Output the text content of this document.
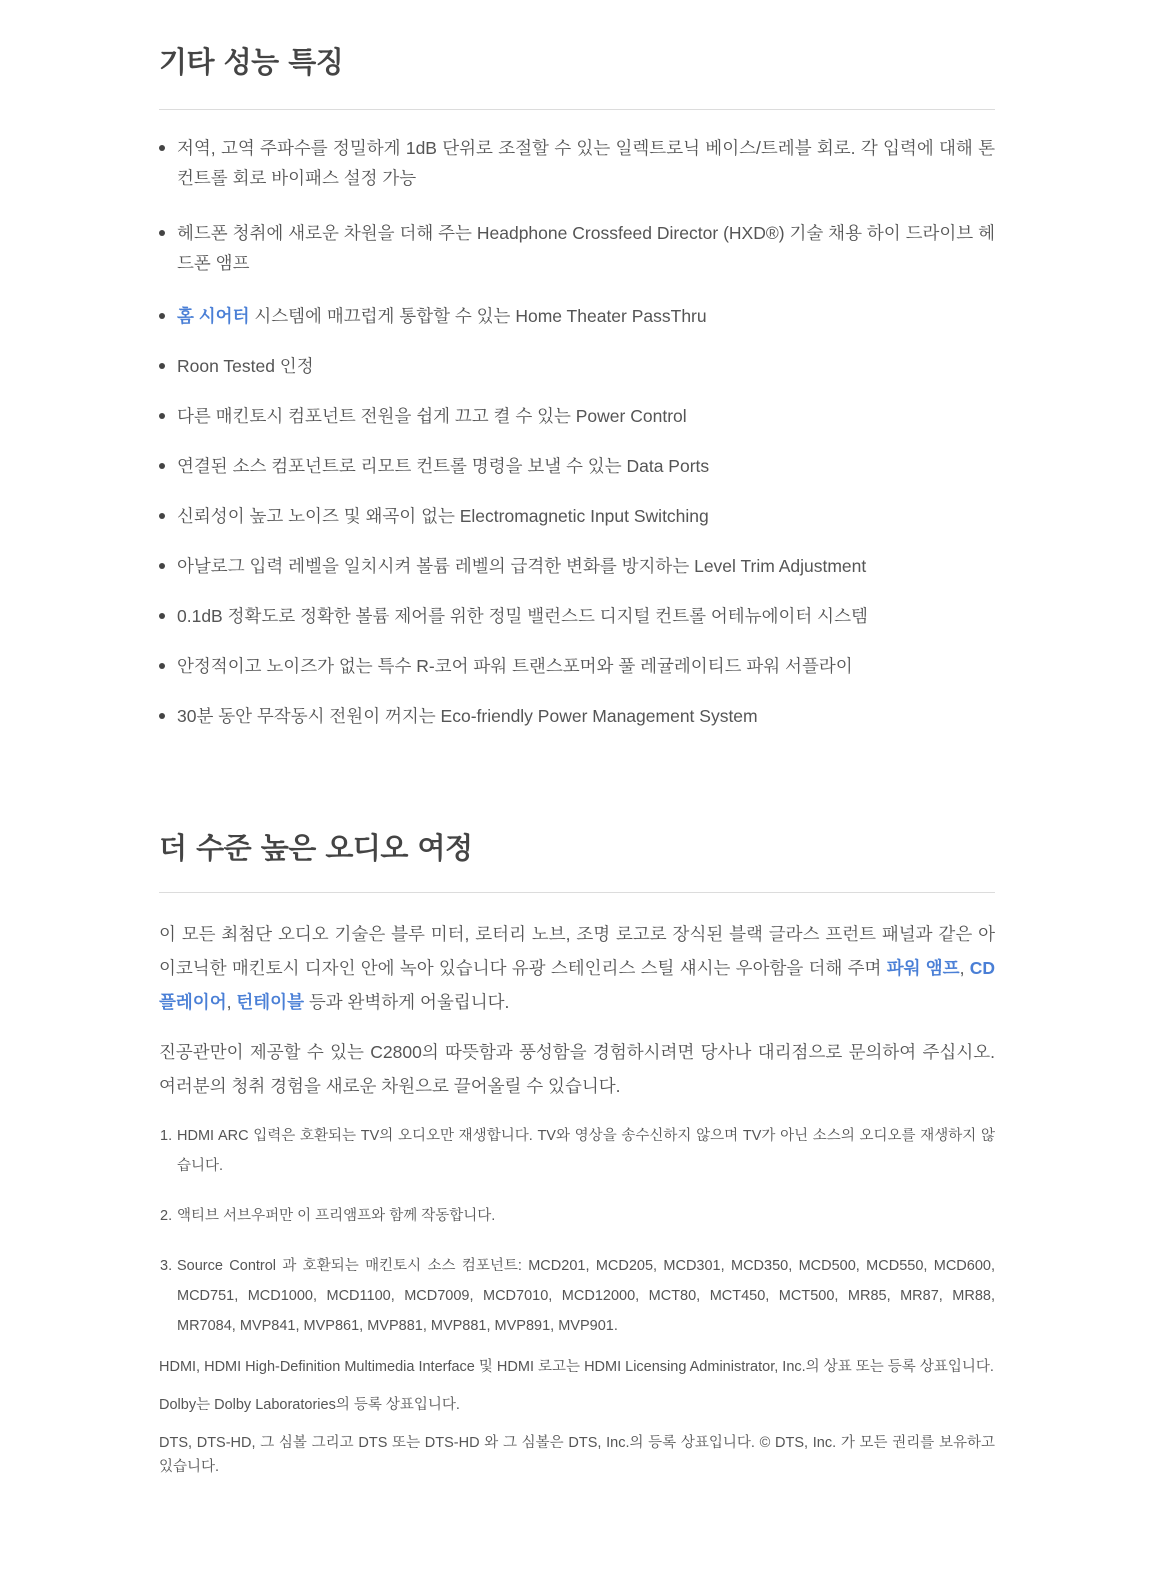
기타 성능 특징
저역, 고역 주파수를 정밀하게 1dB 단위로 조절할 수 있는 일렉트로닉 베이스/트레블 회로. 각 입력에 대해 톤 컨트롤 회로 바이패스 설정 가능
헤드폰 청취에 새로운 차원을 더해 주는 Headphone Crossfeed Director (HXD®) 기술 채용 하이 드라이브 헤드폰 앰프
홈 시어터 시스템에 매끄럽게 통합할 수 있는 Home Theater PassThru
Roon Tested 인정
다른 매킨토시 컴포넌트 전원을 쉽게 끄고 켤 수 있는 Power Control
연결된 소스 컴포넌트로 리모트 컨트롤 명령을 보낼 수 있는 Data Ports
신뢰성이 높고 노이즈 및 왜곡이 없는 Electromagnetic Input Switching
아날로그 입력 레벨을 일치시켜 볼륨 레벨의 급격한 변화를 방지하는 Level Trim Adjustment
0.1dB 정확도로 정확한 볼륨 제어를 위한 정밀 밸런스드 디지털 컨트롤 어테뉴에이터 시스템
안정적이고 노이즈가 없는 특수 R-코어 파워 트랜스포머와 풀 레귤레이티드 파워 서플라이
30분 동안 무작동시 전원이 꺼지는 Eco-friendly Power Management System
더 수준 높은 오디오 여정

이 모든 최첨단 오디오 기술은 블루 미터, 로터리 노브, 조명 로고로 장식된 블랙 글라스 프런트 패널과 같은 아이코닉한 매킨토시 디자인 안에 녹아 있습니다 유광 스테인리스 스틸 섀시는 우아함을 더해 주며 파워 앰프, CD 플레이어, 턴테이블 등과 완벽하게 어울립니다.

진공관만이 제공할 수 있는 C2800의 따뜻함과 풍성함을 경험하시려면 당사나 대리점으로 문의하여 주십시오. 여러분의 청취 경험을 새로운 차원으로 끌어올릴 수 있습니다.

1. HDMI ARC 입력은 호환되는 TV의 오디오만 재생합니다. TV와 영상을 송수신하지 않으며 TV가 아닌 소스의 오디오를 재생하지 않습니다.
2. 액티브 서브우퍼만 이 프리앰프와 함께 작동합니다.
3. Source Control 과 호환되는 매킨토시 소스 컴포넌트: MCD201, MCD205, MCD301, MCD350, MCD500, MCD550, MCD600, MCD751, MCD1000, MCD1100, MCD7009, MCD7010, MCD12000, MCT80, MCT450, MCT500, MR85, MR87, MR88, MR7084, MVP841, MVP861, MVP881, MVP881, MVP891, MVP901.

HDMI, HDMI High-Definition Multimedia Interface 및 HDMI 로고는 HDMI Licensing Administrator, Inc.의 상표 또는 등록 상표입니다.

Dolby는 Dolby Laboratories의 등록 상표입니다.

DTS, DTS-HD, 그 심볼 그리고 DTS 또는 DTS-HD 와 그 심볼은 DTS, Inc.의 등록 상표입니다. © DTS, Inc. 가 모든 권리를 보유하고 있습니다.
